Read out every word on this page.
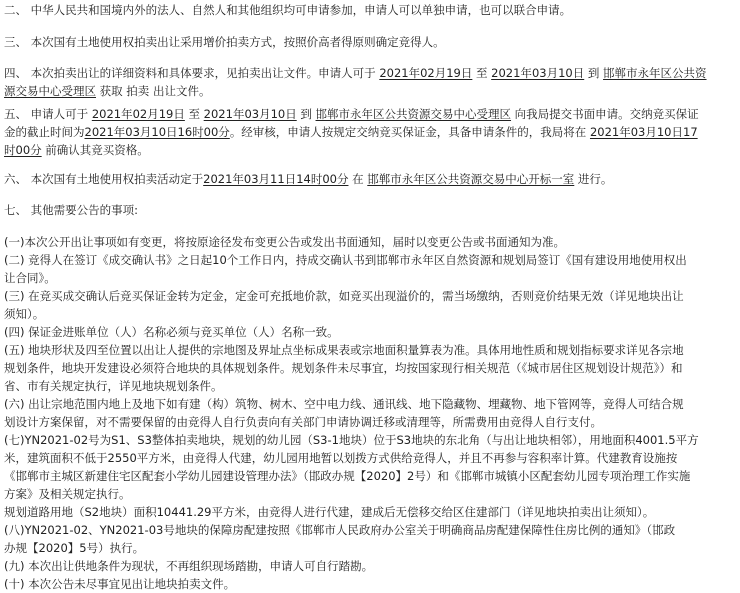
二、 中华人民共和国境内外的法人、自然人和其他组织均可申请参加，申请人可以单独申请，也可以联合申请。
三、 本次国有土地使用权拍卖出让采用增价拍卖方式，按照价高者得原则确定竞得人。
四、 本次拍卖出让的详细资料和具体要求，见拍卖出让文件。申请人可于 2021年02月19日 至 2021年03月10日 到 邯郸市永年区公共资
源交易中心受理区 获取 拍卖 出让文件。
五、 申请人可于 2021年02月19日 至 2021年03月10日 到 邯郸市永年区公共资源交易中心受理区 向我局提交书面申请。交纳竞买保证
金的截止时间为2021年03月10日16时00分。经审核，申请人按规定交纳竞买保证金，具备申请条件的，我局将在 2021年03月10日17
时00分 前确认其竞买资格。
六、 本次国有土地使用权拍卖活动定于2021年03月11日14时00分 在 邯郸市永年区公共资源交易中心开标一室 进行。
七、 其他需要公告的事项:
(一)本次公开出让事项如有变更，将按原途径发布变更公告或发出书面通知，届时以变更公告或书面通知为准。
(二) 竞得人在签订《成交确认书》之日起10个工作日内，持成交确认书到邯郸市永年区自然资源和规划局签订《国有建设用地使用权出
让合同》。
(三) 在竞买成交确认后竞买保证金转为定金，定金可充抵地价款，如竞买出现溢价的，需当场缴纳，否则竞价结果无效（详见地块出让
须知）。
(四) 保证金进账单位（人）名称必须与竞买单位（人）名称一致。
(五) 地块形状及四至位置以出让人提供的宗地图及界址点坐标成果表或宗地面积量算表为准。具体用地性质和规划指标要求详见各宗地
规划条件，地块开发建设必须符合地块的具体规划条件。规划条件未尽事宜，均按国家现行相关规范（《城市居住区规划设计规范》）和
省、市有关规定执行，详见地块规划条件。
(六) 出让宗地范围内地上及地下如有建（构）筑物、树木、空中电力线、通讯线、地下隐藏物、埋藏物、地下管网等，竞得人可结合规
划设计方案保留，对不需要保留的由竞得人自行负责向有关部门申请协调迁移或清理等，所需费用由竞得人自行支付。
(七)YN2021-02号为S1、S3整体拍卖地块，规划的幼儿园（S3-1地块）位于S3地块的东北角（与出让地块相邻），用地面积4001.5平方
米，建筑面积不低于2550平方米，由竞得人代建，幼儿园用地暂以划拨方式供给竞得人，并且不再参与容积率计算。代建教育设施按
《邯郸市主城区新建住宅区配套小学幼儿园建设管理办法》（邯政办规【2020】2号）和《邯郸市城镇小区配套幼儿园专项治理工作实施
方案》及相关规定执行。
规划道路用地（S2地块）面积10441.29平方米，由竞得人进行代建，建成后无偿移交给区住建部门（详见地块拍卖出让须知）。
(八)YN2021-02、YN2021-03号地块的保障房配建按照《邯郸市人民政府办公室关于明确商品房配建保障性住房比例的通知》（邯政
办规【2020】5号）执行。
(九) 本次出让供地条件为现状，不再组织现场踏勘，申请人可自行踏勘。
(十) 本次公告未尽事宜见出让地块拍卖文件。
